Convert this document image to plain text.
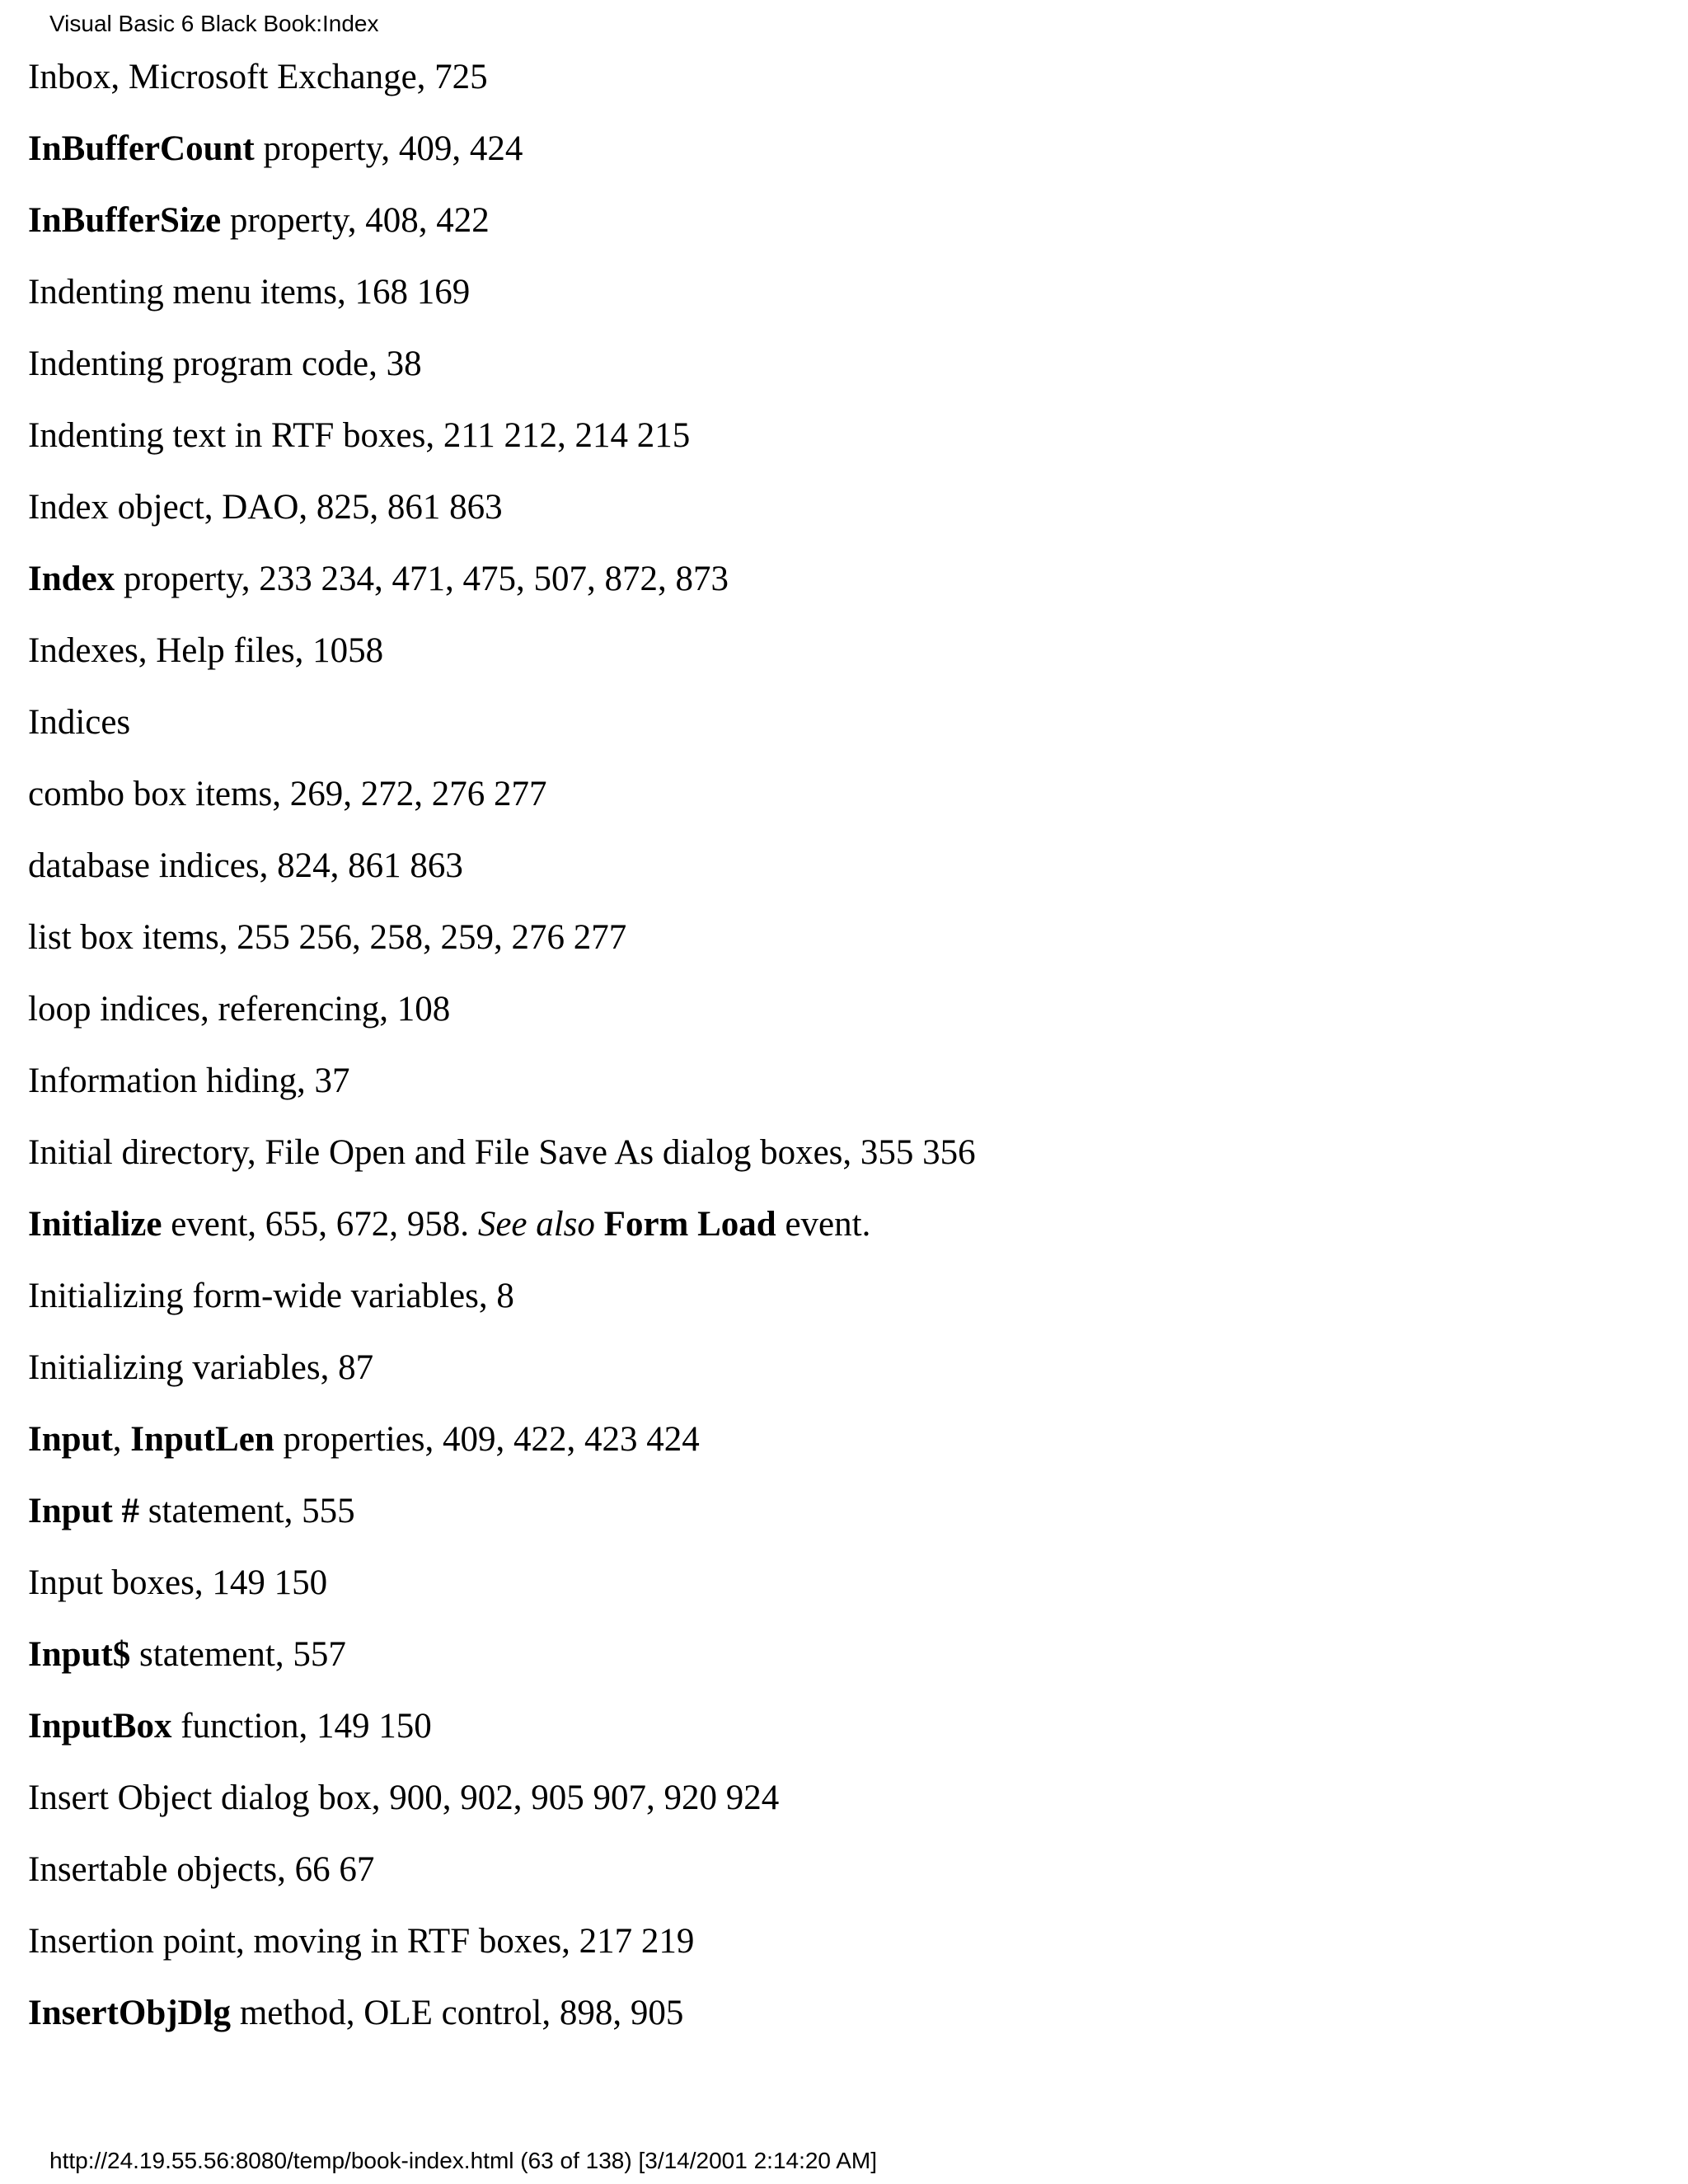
Visual Basic 6 Black Book:Index
Inbox, Microsoft Exchange, 725
InBufferCount property, 409, 424
InBufferSize property, 408, 422
Indenting menu items, 168 169
Indenting program code, 38
Indenting text in RTF boxes, 211 212, 214 215
Index object, DAO, 825, 861 863
Index property, 233 234, 471, 475, 507, 872, 873
Indexes, Help files, 1058
Indices
combo box items, 269, 272, 276 277
database indices, 824, 861 863
list box items, 255 256, 258, 259, 276 277
loop indices, referencing, 108
Information hiding, 37
Initial directory, File Open and File Save As dialog boxes, 355 356
Initialize event, 655, 672, 958. See also Form Load event.
Initializing form-wide variables, 8
Initializing variables, 87
Input, InputLen properties, 409, 422, 423 424
Input # statement, 555
Input boxes, 149 150
Input$ statement, 557
InputBox function, 149 150
Insert Object dialog box, 900, 902, 905 907, 920 924
Insertable objects, 66 67
Insertion point, moving in RTF boxes, 217 219
InsertObjDlg method, OLE control, 898, 905
http://24.19.55.56:8080/temp/book-index.html (63 of 138) [3/14/2001 2:14:20 AM]
